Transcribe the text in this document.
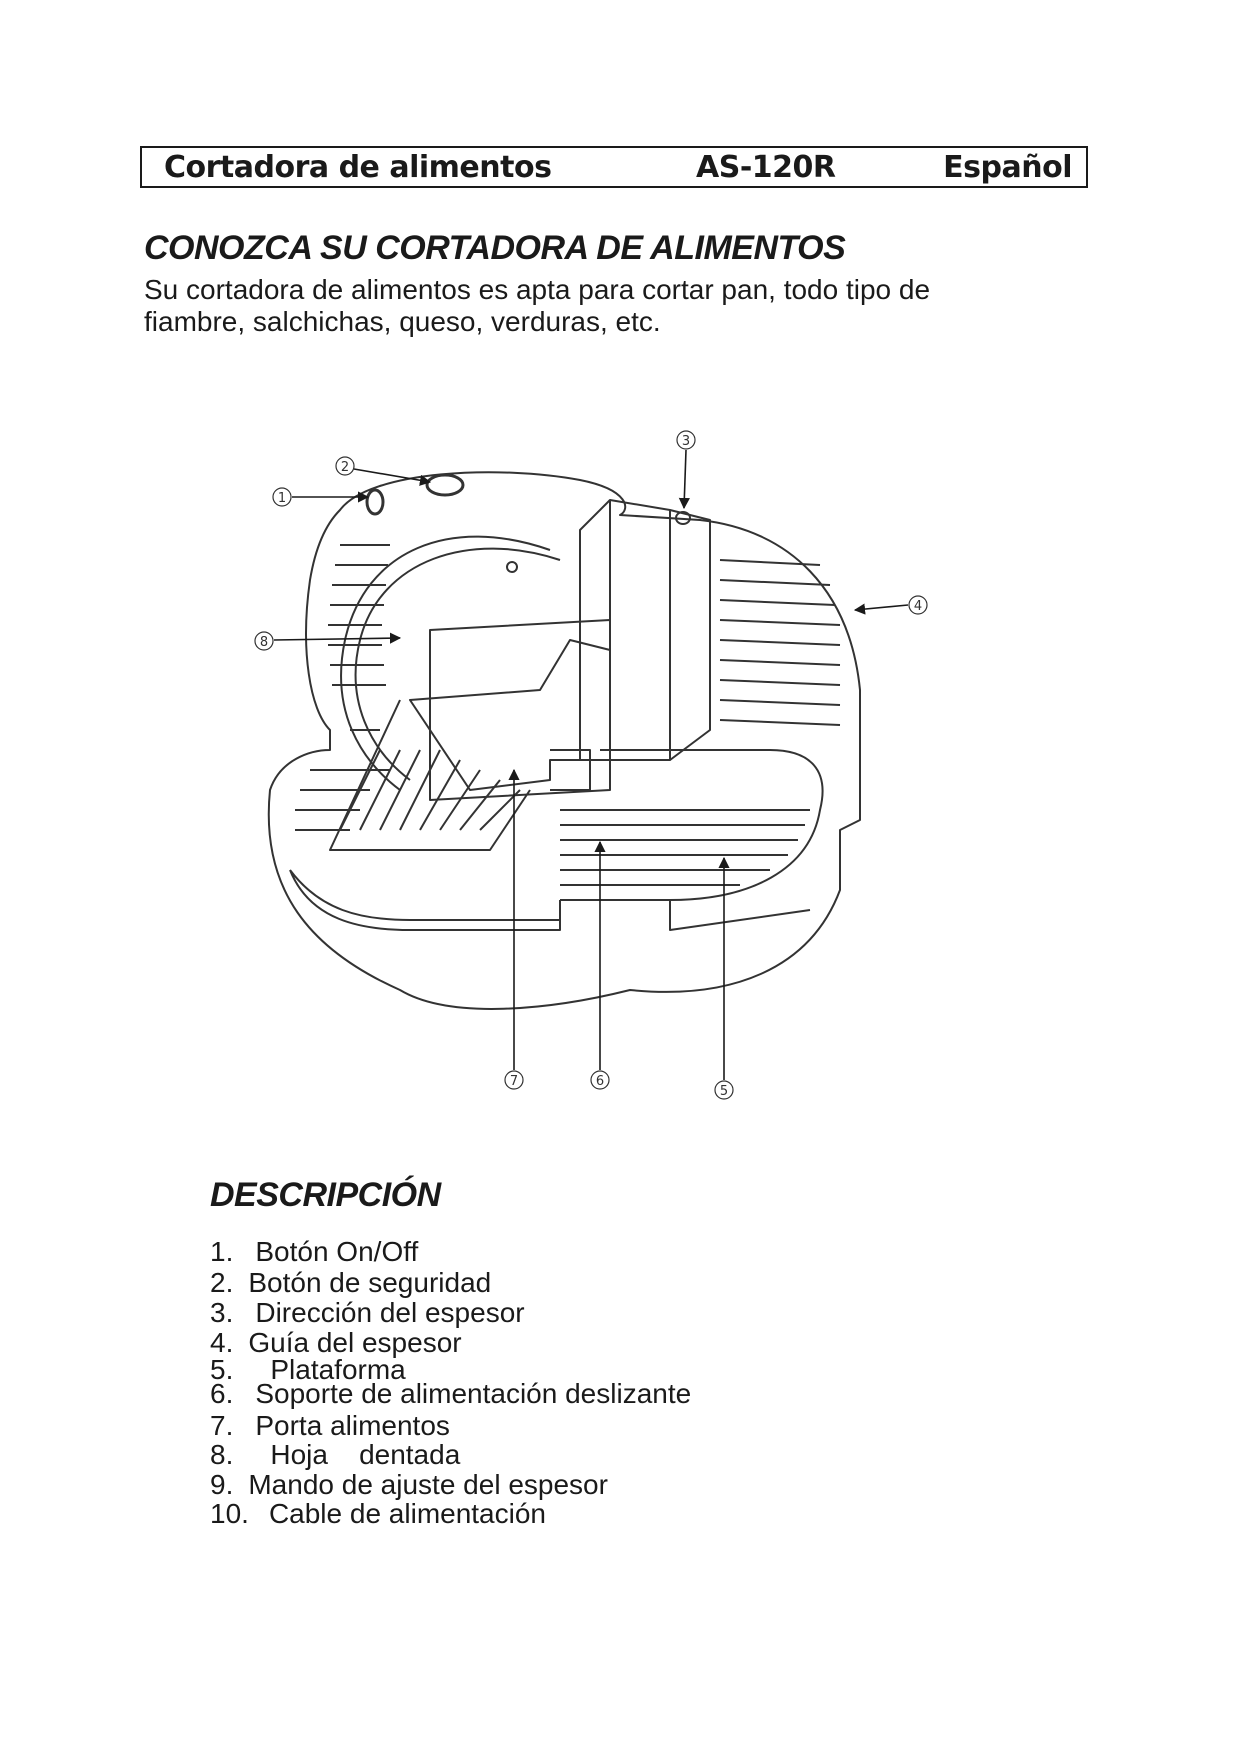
Cortadora de alimentos	AS-120R	Español
CONOZCA SU CORTADORA DE ALIMENTOS
Su cortadora de alimentos es apta para cortar pan, todo tipo de
fiambre, salchichas, queso, verduras, etc.
1
2
3
4
5
6
7
8
DESCRIPCIÓN
1. Botón On/Off
2. Botón de seguridad
3. Dirección del espesor
4. Guía del espesor
5. Plataforma
6. Soporte de alimentación deslizante
7. Porta alimentos
8. Hoja    dentada
9. Mando de ajuste del espesor
10. Cable de alimentación
